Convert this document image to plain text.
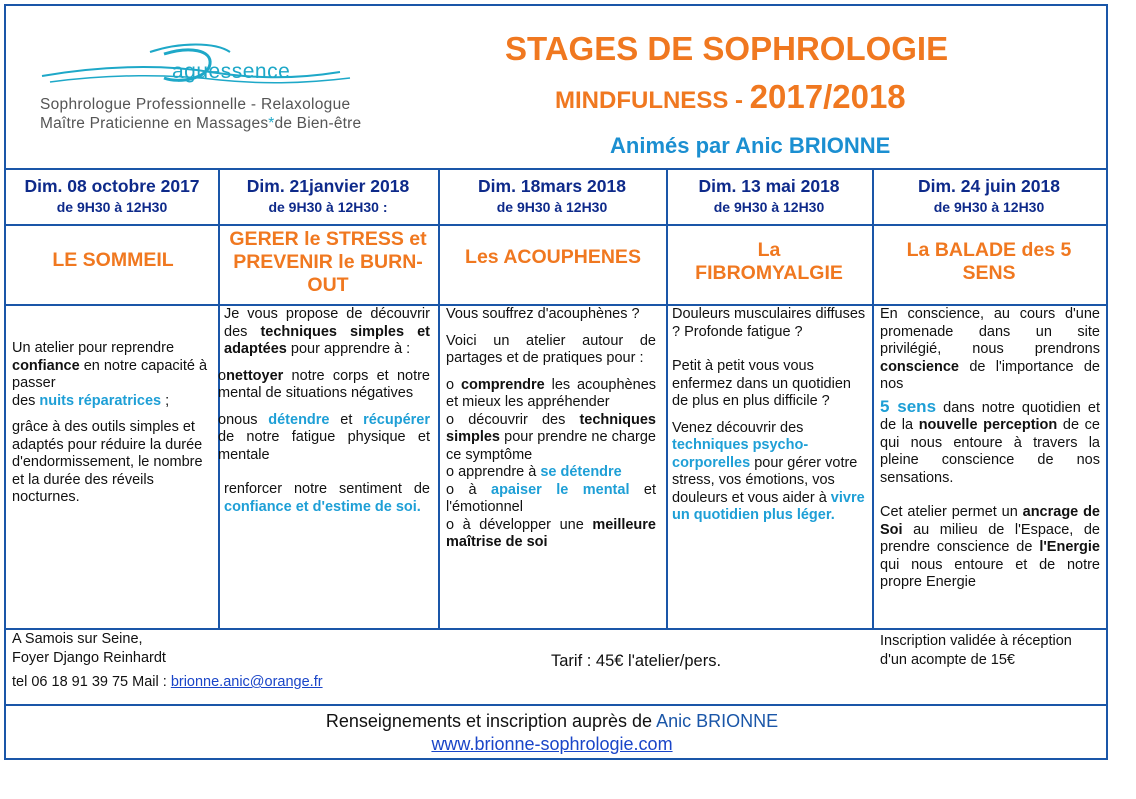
aguessence
Sophrologue Professionnelle - Relaxologue
Maître Praticienne en Massages*de Bien-être
STAGES DE SOPHROLOGIE
MINDFULNESS - 2017/2018
Animés par Anic BRIONNE
Dim. 08 octobre 2017
de 9H30 à 12H30
Dim. 21janvier 2018
de 9H30 à 12H30 :
Dim. 18mars 2018
de 9H30 à 12H30
Dim. 13 mai 2018
de 9H30 à 12H30
Dim. 24 juin 2018
de 9H30 à 12H30
LE SOMMEIL
GERER le STRESS et PREVENIR le BURN-OUT
Les ACOUPHENES	La FIBROMYALGIE
La BALADE des 5 SENS

Un atelier pour reprendre confiance en notre capacité à passer

des nuits réparatrices ;

grâce à des outils simples et adaptés pour réduire la durée d'endormissement, le nombre et la durée des réveils nocturnes.

Je vous propose de découvrir des techniques simples et adaptées pour apprendre à :

onettoyer notre corps et notre mental de situations négatives

onous détendre et récupérer de notre fatigue physique et mentale

renforcer notre sentiment de confiance et d'estime de soi.

Vous souffrez d'acouphènes ?

Voici un atelier autour de partages et de pratiques pour :

o comprendre les acouphènes et mieux les appréhender

o découvrir des techniques simples pour prendre ne charge ce symptôme

o apprendre à se détendre

o à apaiser le mental et l'émotionnel

o à développer une meilleure maîtrise de soi

Douleurs musculaires diffuses ? Profonde fatigue ?

Petit à petit vous vous enfermez dans un quotidien de plus en plus difficile ?

Venez découvrir des techniques psycho-corporelles pour gérer votre stress, vos émotions, vos douleurs et vous aider à vivre un quotidien plus léger.

En conscience, au cours d'une promenade dans un site privilégié, nous prendrons conscience de l'importance de nos

5 sens dans notre quotidien et de la nouvelle perception de ce qui nous entoure à travers la pleine conscience de nos sensations.

Cet atelier permet un ancrage de Soi au milieu de l'Espace, de prendre conscience de l'Energie qui nous entoure et de notre propre Energie

A Samois sur Seine,

Foyer Django Reinhardt

tel 06 18 91 39 75 Mail : brionne.anic@orange.fr

Tarif : 45€ l'atelier/pers.
Inscription validée à réception d'un acompte de 15€
Renseignements et inscription auprès de Anic BRIONNE
www.brionne-sophrologie.com
